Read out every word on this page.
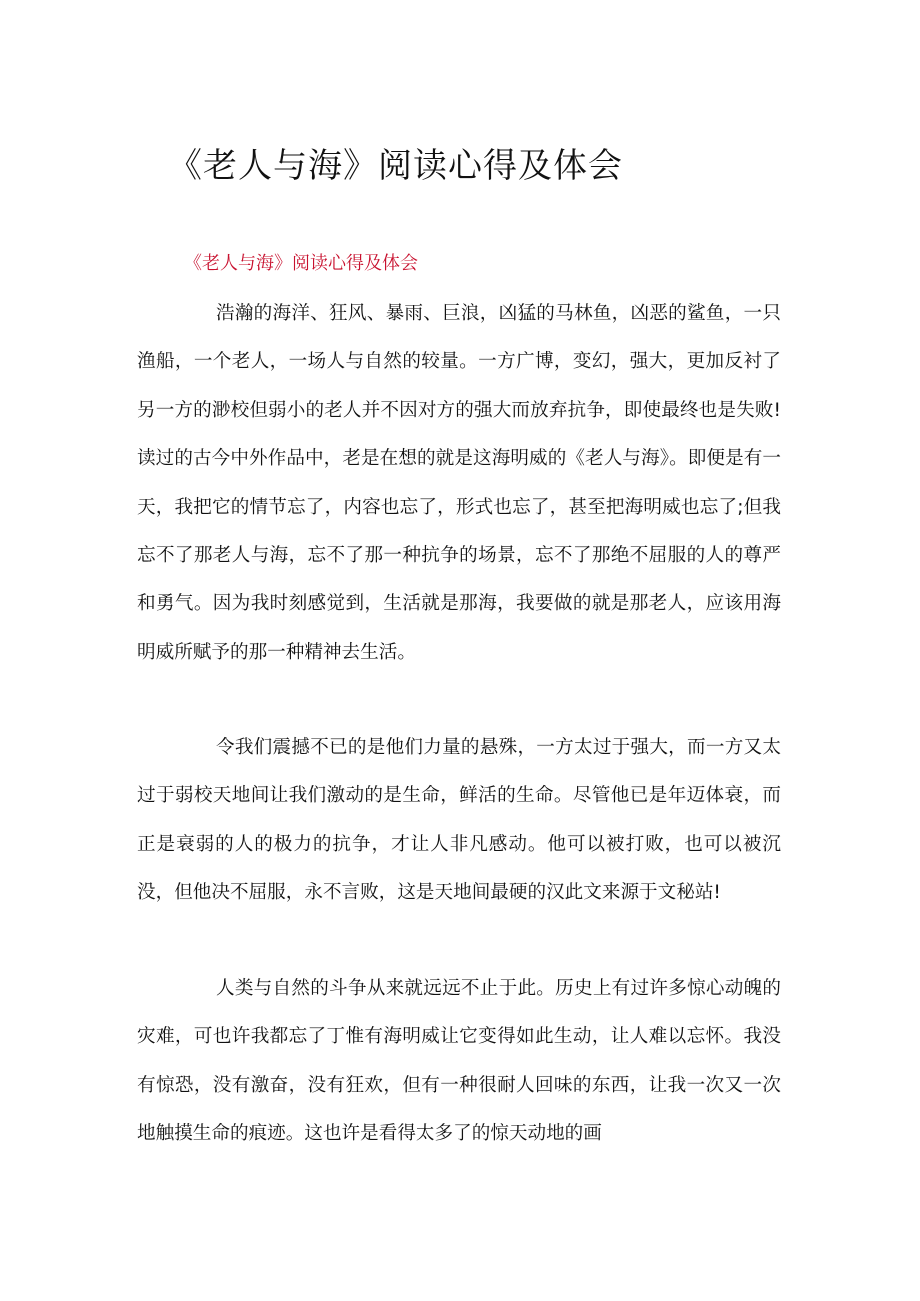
《老人与海》阅读心得及体会

《老人与海》阅读心得及体会

浩瀚的海洋、狂风、暴雨、巨浪，凶猛的马林鱼，凶恶的鲨鱼，一只渔船，一个老人，一场人与自然的较量。一方广博，变幻，强大，更加反衬了另一方的渺校但弱小的老人并不因对方的强大而放弃抗争，即使最终也是失败!读过的古今中外作品中，老是在想的就是这海明威的《老人与海》。即便是有一天，我把它的情节忘了，内容也忘了，形式也忘了，甚至把海明威也忘了;但我忘不了那老人与海，忘不了那一种抗争的场景，忘不了那绝不屈服的人的尊严和勇气。因为我时刻感觉到，生活就是那海，我要做的就是那老人，应该用海明威所赋予的那一种精神去生活。

令我们震撼不已的是他们力量的悬殊，一方太过于强大，而一方又太过于弱校天地间让我们激动的是生命，鲜活的生命。尽管他已是年迈体衰，而正是衰弱的人的极力的抗争，才让人非凡感动。他可以被打败，也可以被沉没，但他决不屈服，永不言败，这是天地间最硬的汉此文来源于文秘站!

人类与自然的斗争从来就远远不止于此。历史上有过许多惊心动魄的灾难，可也许我都忘了丁惟有海明威让它变得如此生动，让人难以忘怀。我没有惊恐，没有激奋，没有狂欢，但有一种很耐人回味的东西，让我一次又一次地触摸生命的痕迹。这也许是看得太多了的惊天动地的画
